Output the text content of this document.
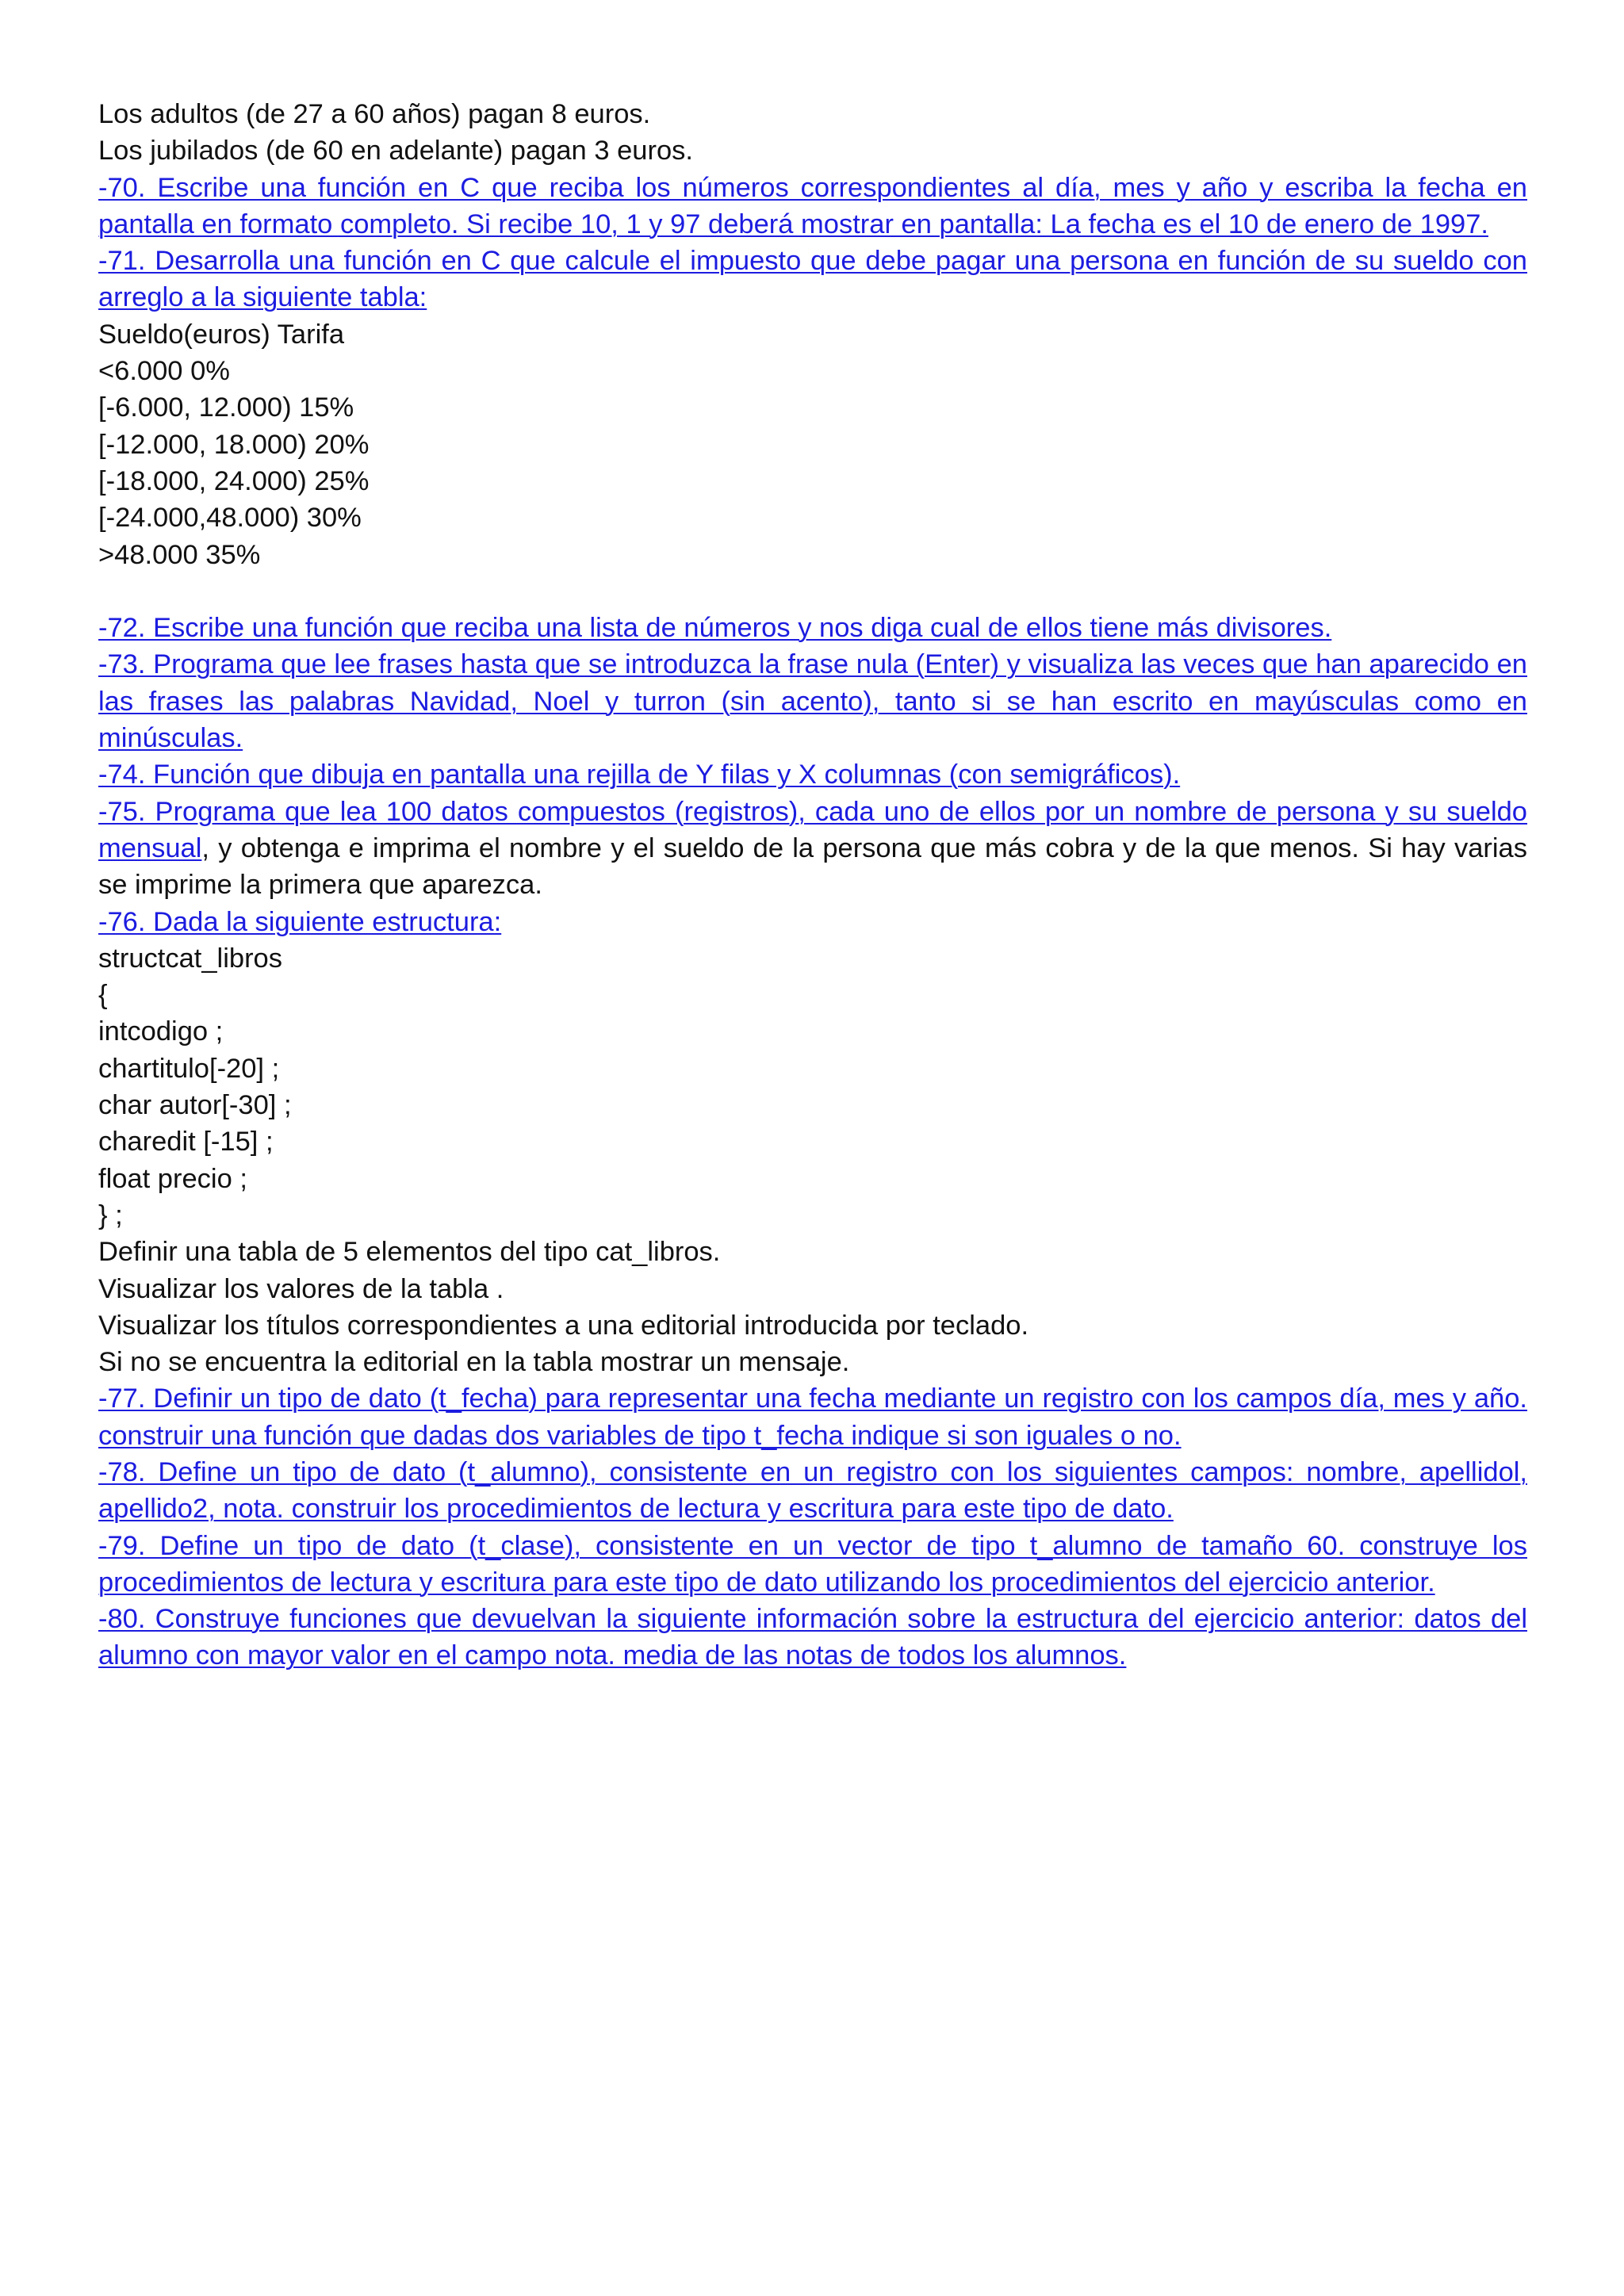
Los adultos (de 27 a 60 años) pagan 8 euros.
Los jubilados (de 60 en adelante) pagan 3 euros.
-70. Escribe una función en C que reciba los números correspondientes al día, mes y año y escriba la fecha en pantalla en formato completo. Si recibe 10, 1 y 97 deberá mostrar en pantalla: La fecha es el 10 de enero de 1997.
-71. Desarrolla una función en C que calcule el impuesto que debe pagar una persona en función de su sueldo con arreglo a la siguiente tabla:
Sueldo(euros) Tarifa
<6.000 0%
[-6.000, 12.000) 15%
[-12.000, 18.000) 20%
[-18.000, 24.000) 25%
[-24.000,48.000) 30%
>48.000 35%
-72. Escribe una función que reciba una lista de números y nos diga cual de ellos tiene más divisores.
-73. Programa que lee frases hasta que se introduzca la frase nula (Enter) y visualiza las veces que han aparecido en las frases las palabras Navidad, Noel y turron (sin acento), tanto si se han escrito en mayúsculas como en minúsculas.
-74. Función que dibuja en pantalla una rejilla de Y filas y X columnas (con semigráficos).
-75. Programa que lea 100 datos compuestos (registros), cada uno de ellos por un nombre de persona y su sueldo mensual, y obtenga e imprima el nombre y el sueldo de la persona que más cobra y de la que menos. Si hay varias se imprime la primera que aparezca.
-76. Dada la siguiente estructura:
structcat_libros
{
intcodigo ;
chartitulo[-20] ;
char autor[-30] ;
charedit [-15] ;
float precio ;
} ;
Definir una tabla de 5 elementos del tipo cat_libros.
Visualizar los valores de la tabla .
Visualizar los títulos correspondientes a una editorial introducida por teclado.
Si no se encuentra la editorial en la tabla mostrar un mensaje.
-77. Definir un tipo de dato (t_fecha) para representar una fecha mediante un registro con los campos día, mes y año. construir una función que dadas dos variables de tipo t_fecha indique si son iguales o no.
-78. Define un tipo de dato (t_alumno), consistente en un registro con los siguientes campos: nombre, apellidol, apellido2, nota. construir los procedimientos de lectura y escritura para este tipo de dato.
-79. Define un tipo de dato (t_clase), consistente en un vector de tipo t_alumno de tamaño 60. construye los procedimientos de lectura y escritura para este tipo de dato utilizando los procedimientos del ejercicio anterior.
-80. Construye funciones que devuelvan la siguiente información sobre la estructura del ejercicio anterior: datos del alumno con mayor valor en el campo nota. media de las notas de todos los alumnos.
